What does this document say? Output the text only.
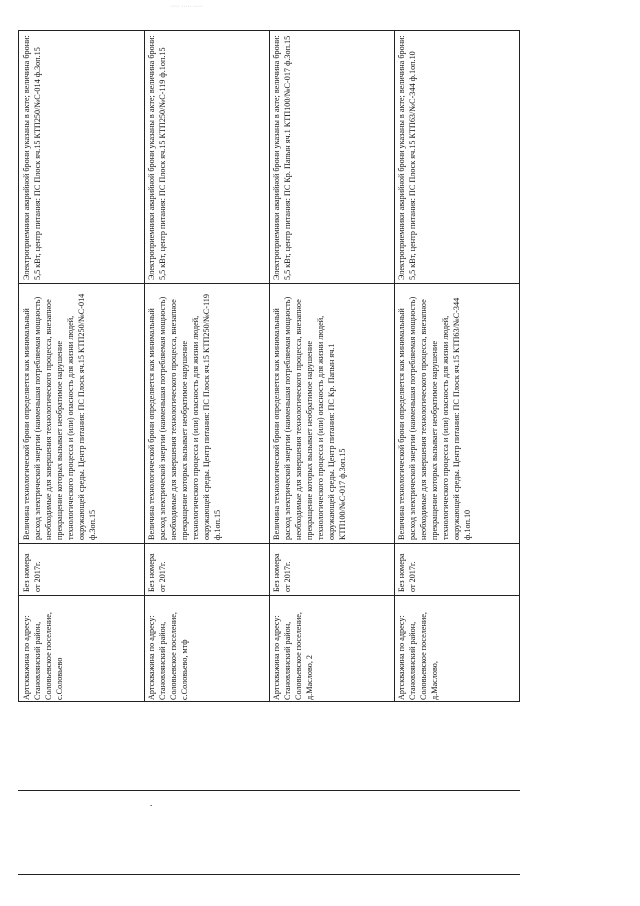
····· ····· ·····
Артскважина по адресу: Становлянский район, Соловьевское поселение, с.Соловьево
Без номера от 2017г.
Величина технологической брони определяется как минимальный расход электрической энергии (наименьшая потребляемая мощность) необходимые для завершения технологического процесса, внезапное прекращение которых вызывает необратимое нарушение технологического процесса и (или) опасность для жизни людей, окружающей среды. Центр питания: ПС Плоск яч.15 КТП250/№С-014 ф.3оп.15
Электроприемники аварийной брони указаны в акте; величина брони: 5,5 кВт, центр питания: ПС Плоск яч.15 КТП250/№С-014 ф.3оп.15
Артскважина по адресу: Становлянский район, Соловьевское поселение, с.Соловьево, мтф
Без номера от 2017г.
Величина технологической брони определяется как минимальный расход электрической энергии (наименьшая потребляемая мощность) необходимые для завершения технологического процесса, внезапное прекращение которых вызывает необратимое нарушение технологического процесса и (или) опасность для жизни людей, окружающей среды. Центр питания: ПС Плоск яч.15 КТП250/№С-119 ф.1оп.15
Электроприемники аварийной брони указаны в акте; величина брони: 5,5 кВт, центр питания: ПС Плоск яч.15 КТП250/№С-119 ф.1оп.15
Артскважина по адресу: Становлянский район, Соловьевское поселение, д.Маслово, 2
Без номера от 2017г.
Величина технологической брони определяется как минимальный расход электрической энергии (наименьшая потребляемая мощность) необходимые для завершения технологического процесса, внезапное прекращение которых вызывает необратимое нарушение технологического процесса и (или) опасность для жизни людей, окружающей среды. Центр питания: ПС Кр. Папын яч.1 КТП100/№С-017 ф.3оп.15
Электроприемники аварийной брони указаны в акте; величина брони: 5,5 кВт, центр питания: ПС Кр. Папын яч.1 КТП100/№С-017 ф.3оп.15
Артскважина по адресу: Становлянский район, Соловьевское поселение, д.Маслово,
Без номера от 2017г.
Величина технологической брони определяется как минимальный расход электрической энергии (наименьшая потребляемая мощность) необходимые для завершения технологического процесса, внезапное прекращение которых вызывает необратимое нарушение технологического процесса и (или) опасность для жизни людей, окружающей среды. Центр питания: ПС Плоск яч.15 КТП63/№С-344 ф.1оп.10
Электроприемники аварийной брони указаны в акте; величина брони: 5,5 кВт, центр питания: ПС Плоск яч.15 КТП63/№С-344 ф.1оп.10
.
